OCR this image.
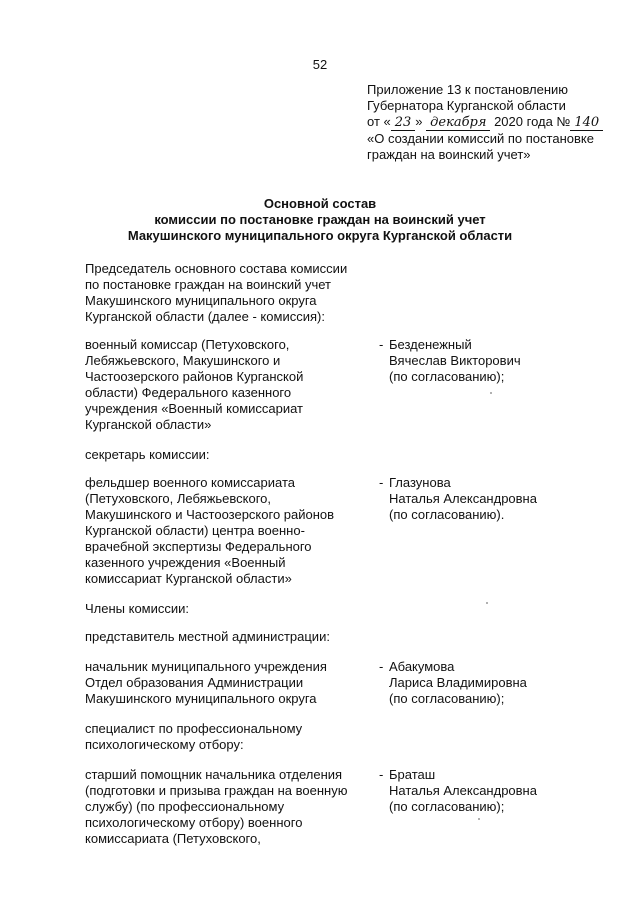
52
Приложение 13 к постановлению
Губернатора Курганской области
от « 23 » декабря 2020 года № 140
«О создании комиссий по постановке
граждан на воинский учет»
Основной состав
комиссии по постановке граждан на воинский учет
Макушинского муниципального округа Курганской области
Председатель основного состава комиссии
по постановке граждан на воинский учет
Макушинского муниципального округа
Курганской области (далее - комиссия):
военный комиссар (Петуховского,
Лебяжьевского, Макушинского и
Частоозерского районов Курганской
области) Федерального казенного
учреждения «Военный комиссариат
Курганской области»
- Безденежный
Вячеслав Викторович
(по согласованию);
секретарь комиссии:
фельдшер военного комиссариата
(Петуховского, Лебяжьевского,
Макушинского и Частоозерского районов
Курганской области) центра военно-
врачебной экспертизы Федерального
казенного учреждения «Военный
комиссариат Курганской области»
- Глазунова
Наталья Александровна
(по согласованию).
Члены комиссии:
представитель местной администрации:
начальник муниципального учреждения
Отдел образования Администрации
Макушинского муниципального округа
- Абакумова
Лариса Владимировна
(по согласованию);
специалист по профессиональному
психологическому отбору:
старший помощник начальника отделения
(подготовки и призыва граждан на военную
службу) (по профессиональному
психологическому отбору) военного
комиссариата (Петуховского,
- Браташ
Наталья Александровна
(по согласованию);
